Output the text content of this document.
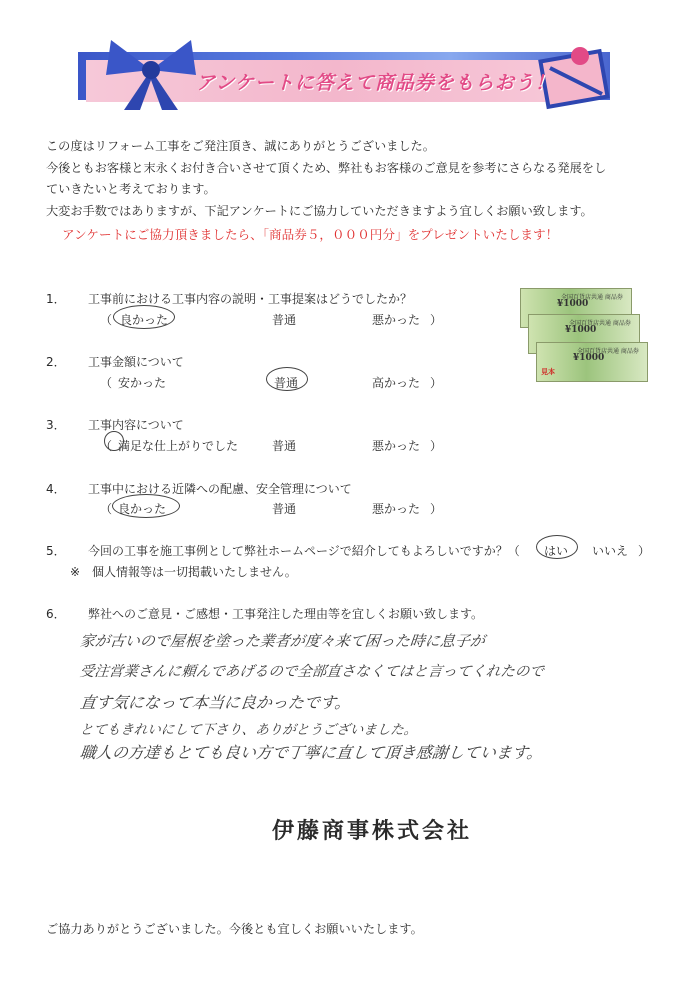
アンケートに答えて商品券をもらおう！
この度はリフォーム工事をご発注頂き、誠にありがとうございました。
今後ともお客様と末永くお付き合いさせて頂くため、弊社もお客様のご意見を参考にさらなる発展をし
ていきたいと考えております。
大変お手数ではありますが、下記アンケートにご協力していただきますよう宜しくお願い致します。
アンケートにご協力頂きましたら、「商品券５，０００円分」をプレゼントいたします！
全国百貨店共通 商品券
¥1000
全国百貨店共通 商品券
¥1000
全国百貨店共通 商品券
¥1000
見本
1． 工事前における工事内容の説明・工事提案はどうでしたか？
（ 良かった	普通	悪かった ）
2． 工事金額について
（ 安かった	普通	高かった ）
3． 工事内容について
（ 満足な仕上がりでした	普通	悪かった ）
4． 工事中における近隣への配慮、安全管理について
（ 良かった	普通	悪かった ）
5． 今回の工事を施工事例として弊社ホームページで紹介してもよろしいですか？（ はい いいえ ）
※　個人情報等は一切掲載いたしません。
6． 弊社へのご意見・ご感想・工事発注した理由等を宜しくお願い致します。
家が古いので屋根を塗った業者が度々来て困った時に息子が
受注営業さんに頼んであげるので全部直さなくてはと言ってくれたので
直す気になって本当に良かったです。
とてもきれいにして下さり、ありがとうございました。
職人の方達もとても良い方で丁寧に直して頂き感謝しています。
伊藤商事株式会社
ご協力ありがとうございました。今後とも宜しくお願いいたします。
